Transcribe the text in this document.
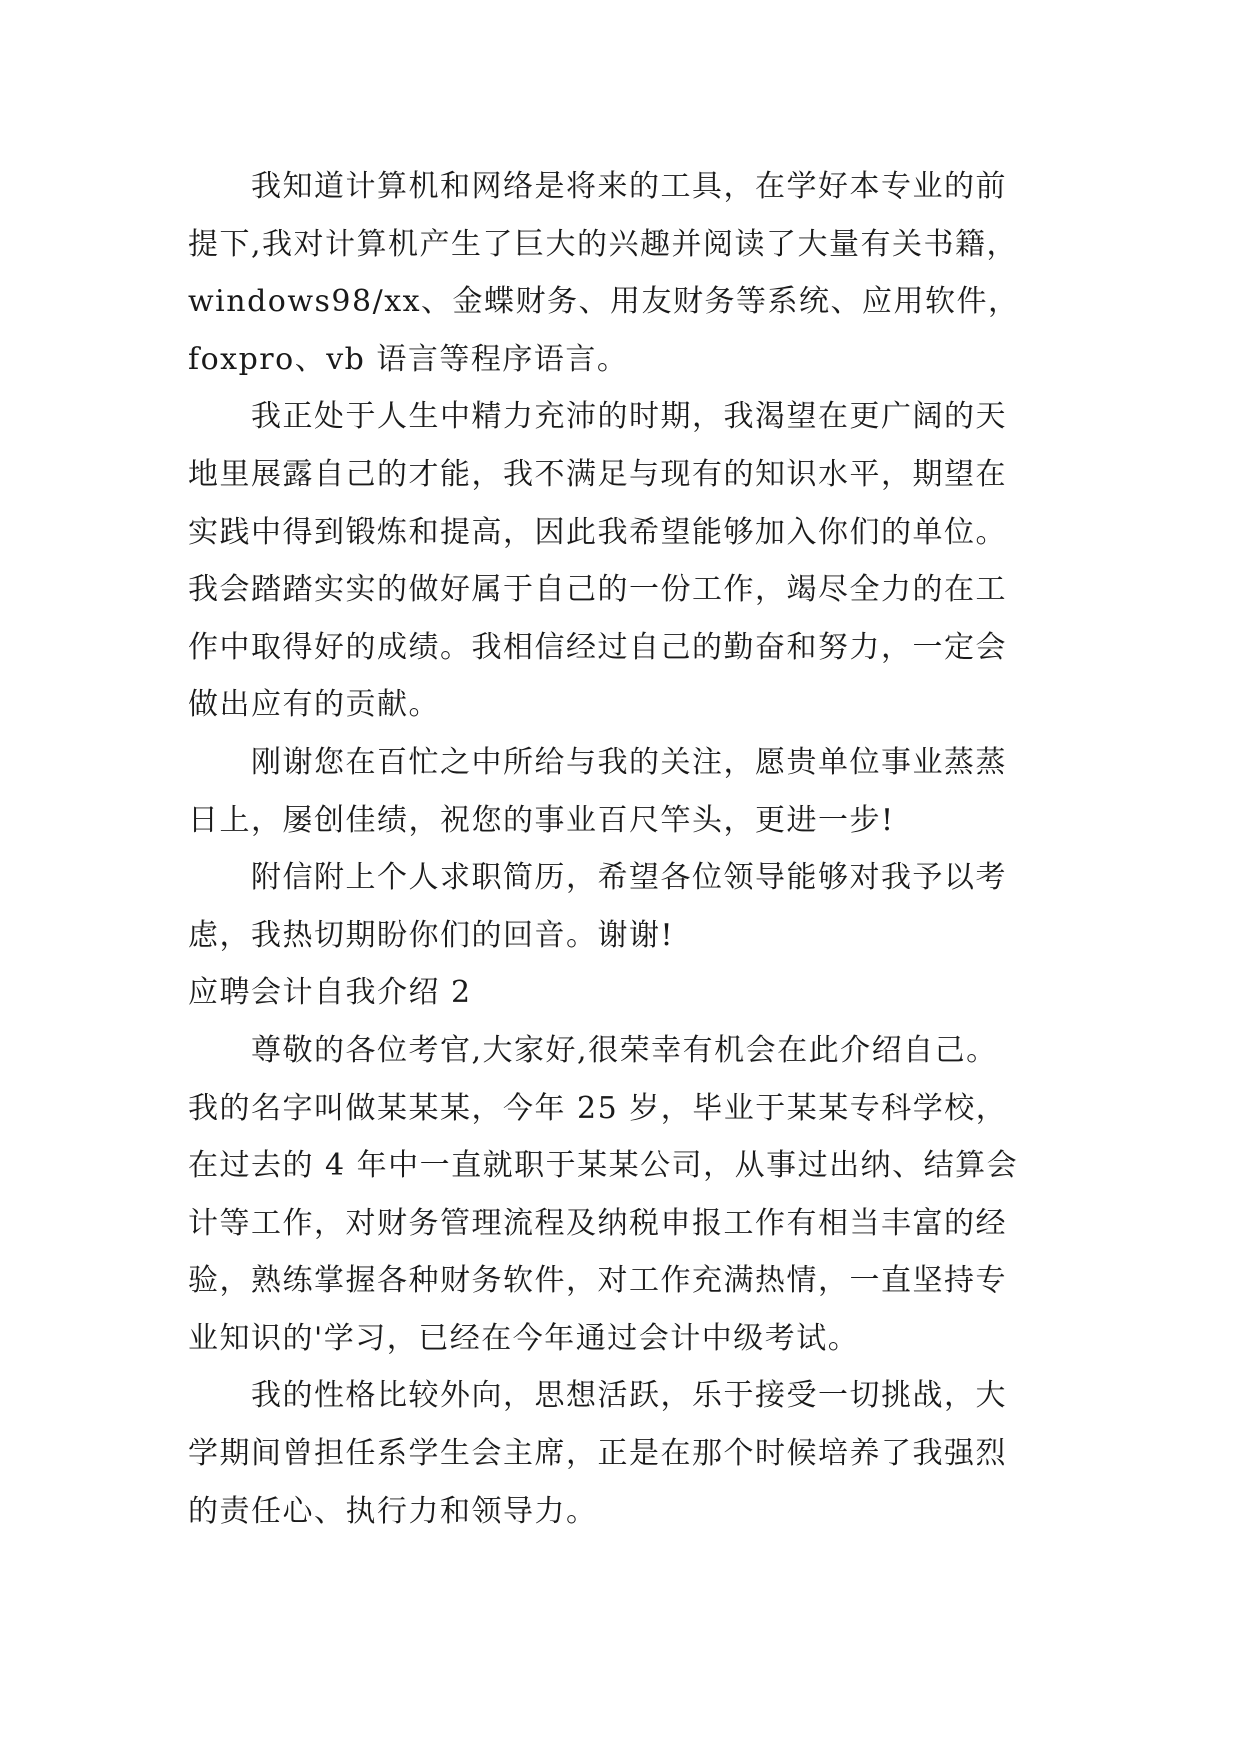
我知道计算机和网络是将来的工具，在学好本专业的前
提下,我对计算机产生了巨大的兴趣并阅读了大量有关书籍，
windows98/xx、金蝶财务、用友财务等系统、应用软件，
foxpro、vb 语言等程序语言。
我正处于人生中精力充沛的时期，我渴望在更广阔的天
地里展露自己的才能，我不满足与现有的知识水平，期望在
实践中得到锻炼和提高，因此我希望能够加入你们的单位。
我会踏踏实实的做好属于自己的一份工作，竭尽全力的在工
作中取得好的成绩。我相信经过自己的勤奋和努力，一定会
做出应有的贡献。
刚谢您在百忙之中所给与我的关注，愿贵单位事业蒸蒸
日上，屡创佳绩，祝您的事业百尺竿头，更进一步!
附信附上个人求职简历，希望各位领导能够对我予以考
虑，我热切期盼你们的回音。谢谢!
应聘会计自我介绍 2
尊敬的各位考官,大家好,很荣幸有机会在此介绍自己。
我的名字叫做某某某，今年 25 岁，毕业于某某专科学校，
在过去的 4 年中一直就职于某某公司，从事过出纳、结算会
计等工作，对财务管理流程及纳税申报工作有相当丰富的经
验，熟练掌握各种财务软件，对工作充满热情，一直坚持专
业知识的'学习，已经在今年通过会计中级考试。
我的性格比较外向，思想活跃，乐于接受一切挑战，大
学期间曾担任系学生会主席，正是在那个时候培养了我强烈
的责任心、执行力和领导力。
